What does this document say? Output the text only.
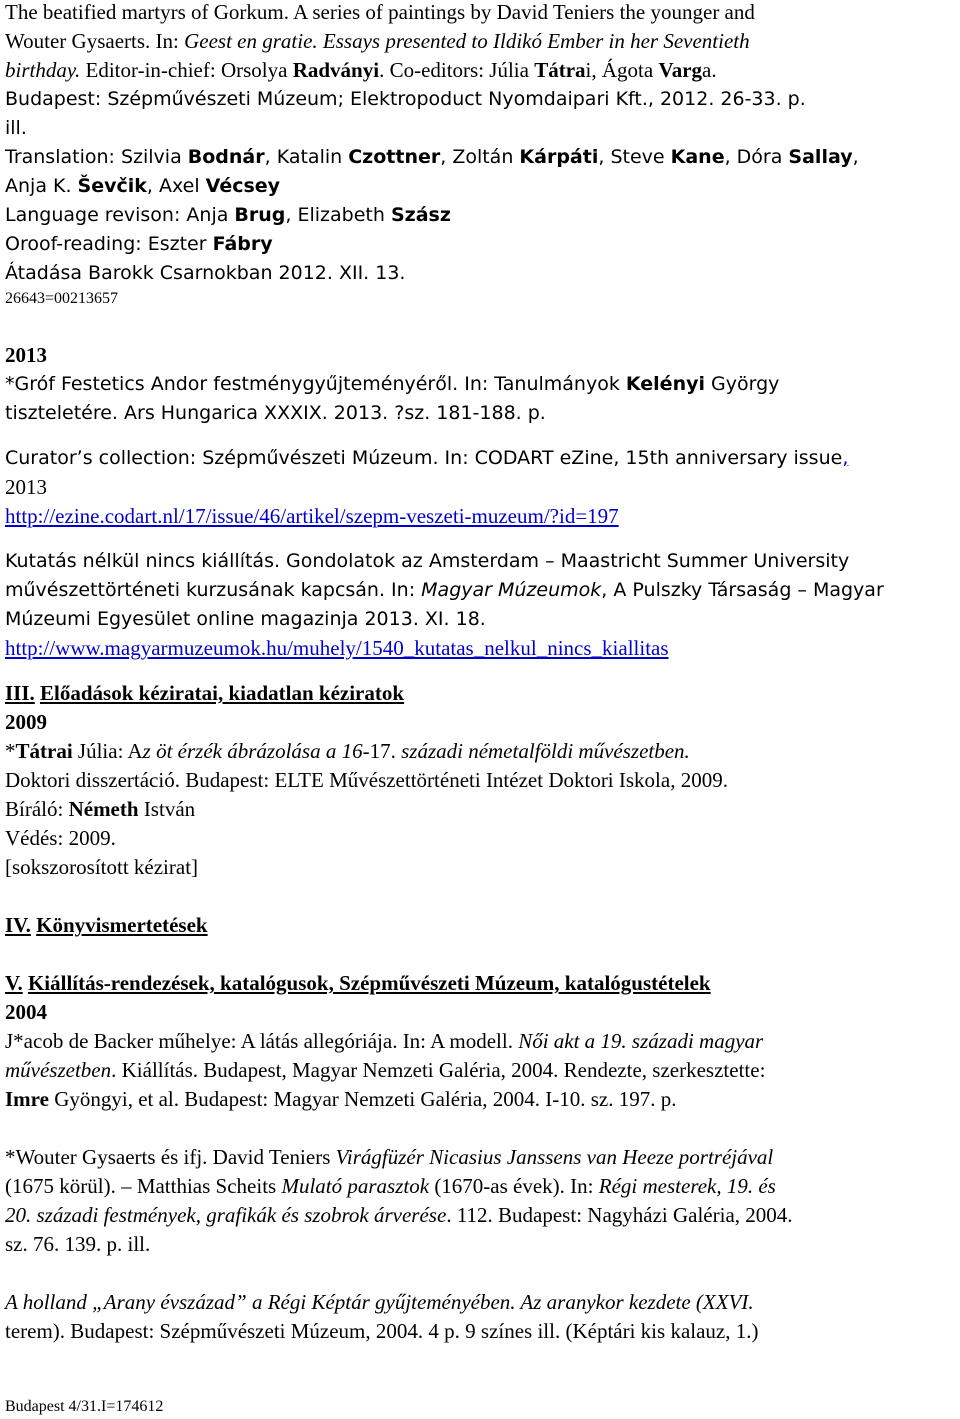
The beatified martyrs of Gorkum. A series of paintings by David Teniers the younger and
Wouter Gysaerts. In: Geest en gratie. Essays presented to Ildikó Ember in her Seventieth
birthday. Editor-in-chief: Orsolya Radványi. Co-editors: Júlia Tátrai, Ágota Varga.
Budapest: Szépművészeti Múzeum; Elektropoduct Nyomdaipari Kft., 2012. 26-33. p.
ill.
Translation: Szilvia Bodnár, Katalin Czottner, Zoltán Kárpáti, Steve Kane, Dóra Sallay,
Anja K. Ševčik, Axel Vécsey
Language revison: Anja Brug, Elizabeth Szász
Oroof-reading: Eszter Fábry
Átadása Barokk Csarnokban 2012. XII. 13.
26643=00213657
2013
*Gróf Festetics Andor festménygyűjteményéről. In: Tanulmányok Kelényi György
tiszteletére. Ars Hungarica XXXIX. 2013. ?sz. 181-188. p.
Curator’s collection: Szépművészeti Múzeum. In: CODART eZine, 15th anniversary issue,
2013
http://ezine.codart.nl/17/issue/46/artikel/szepm-veszeti-muzeum/?id=197
Kutatás nélkül nincs kiállítás. Gondolatok az Amsterdam – Maastricht Summer University
művészettörténeti kurzusának kapcsán. In: Magyar Múzeumok, A Pulszky Társaság – Magyar
Múzeumi Egyesület online magazinja 2013. XI. 18.
http://www.magyarmuzeumok.hu/muhely/1540_kutatas_nelkul_nincs_kiallitas
III. Előadások kéziratai, kiadatlan kéziratok
2009
*Tátrai Júlia: Az öt érzék ábrázolása a 16-17. századi németalföldi művészetben.
Doktori disszertáció. Budapest: ELTE Művészettörténeti Intézet Doktori Iskola, 2009.
Bíráló: Németh István
Védés: 2009.
[sokszorosított kézirat]
IV. Könyvismertetések
V. Kiállítás-rendezések, katalógusok, Szépművészeti Múzeum, katalógustételek
2004
J*acob de Backer műhelye: A látás allegóriája. In: A modell. Női akt a 19. századi magyar
művészetben. Kiállítás. Budapest, Magyar Nemzeti Galéria, 2004. Rendezte, szerkesztette:
Imre Gyöngyi, et al. Budapest: Magyar Nemzeti Galéria, 2004. I-10. sz. 197. p.
*Wouter Gysaerts és ifj. David Teniers Virágfüzér Nicasius Janssens van Heeze portréjával
(1675 körül). – Matthias Scheits Mulató parasztok (1670-as évek). In: Régi mesterek, 19. és
20. századi festmények, grafikák és szobrok árverése. 112. Budapest: Nagyházi Galéria, 2004.
sz. 76. 139. p. ill.
A holland „Arany évszázad” a Régi Képtár gyűjteményében. Az aranykor kezdete (XXVI.
terem). Budapest: Szépművészeti Múzeum, 2004. 4 p. 9 színes ill. (Képtári kis kalauz, 1.)
Budapest 4/31.I=174612
